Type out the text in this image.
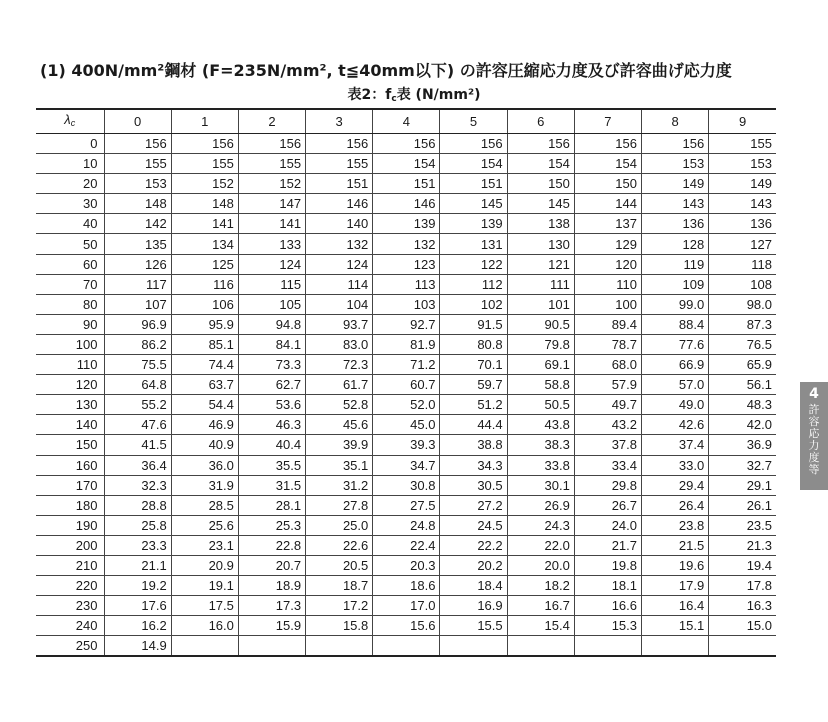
(1) 400N/mm²鋼材 (F=235N/mm², t≦40mm以下) の許容圧縮応力度及び許容曲げ応力度
表2：$f_c$表 (N/mm²)
$\lambda_c$	0	1	2	3	4	5	6	7	8	9
0	156	156	156	156	156	156	156	156	156	155
10	155	155	155	155	154	154	154	154	153	153
20	153	152	152	151	151	151	150	150	149	149
30	148	148	147	146	146	145	145	144	143	143
40	142	141	141	140	139	139	138	137	136	136
50	135	134	133	132	132	131	130	129	128	127
60	126	125	124	124	123	122	121	120	119	118
70	117	116	115	114	113	112	111	110	109	108
80	107	106	105	104	103	102	101	100	99.0	98.0
90	96.9	95.9	94.8	93.7	92.7	91.5	90.5	89.4	88.4	87.3
100	86.2	85.1	84.1	83.0	81.9	80.8	79.8	78.7	77.6	76.5
110	75.5	74.4	73.3	72.3	71.2	70.1	69.1	68.0	66.9	65.9
120	64.8	63.7	62.7	61.7	60.7	59.7	58.8	57.9	57.0	56.1
130	55.2	54.4	53.6	52.8	52.0	51.2	50.5	49.7	49.0	48.3
140	47.6	46.9	46.3	45.6	45.0	44.4	43.8	43.2	42.6	42.0
150	41.5	40.9	40.4	39.9	39.3	38.8	38.3	37.8	37.4	36.9
160	36.4	36.0	35.5	35.1	34.7	34.3	33.8	33.4	33.0	32.7
170	32.3	31.9	31.5	31.2	30.8	30.5	30.1	29.8	29.4	29.1
180	28.8	28.5	28.1	27.8	27.5	27.2	26.9	26.7	26.4	26.1
190	25.8	25.6	25.3	25.0	24.8	24.5	24.3	24.0	23.8	23.5
200	23.3	23.1	22.8	22.6	22.4	22.2	22.0	21.7	21.5	21.3
210	21.1	20.9	20.7	20.5	20.3	20.2	20.0	19.8	19.6	19.4
220	19.2	19.1	18.9	18.7	18.6	18.4	18.2	18.1	17.9	17.8
230	17.6	17.5	17.3	17.2	17.0	16.9	16.7	16.6	16.4	16.3
240	16.2	16.0	15.9	15.8	15.6	15.5	15.4	15.3	15.1	15.0
250	14.9									
4
許容応力度等
